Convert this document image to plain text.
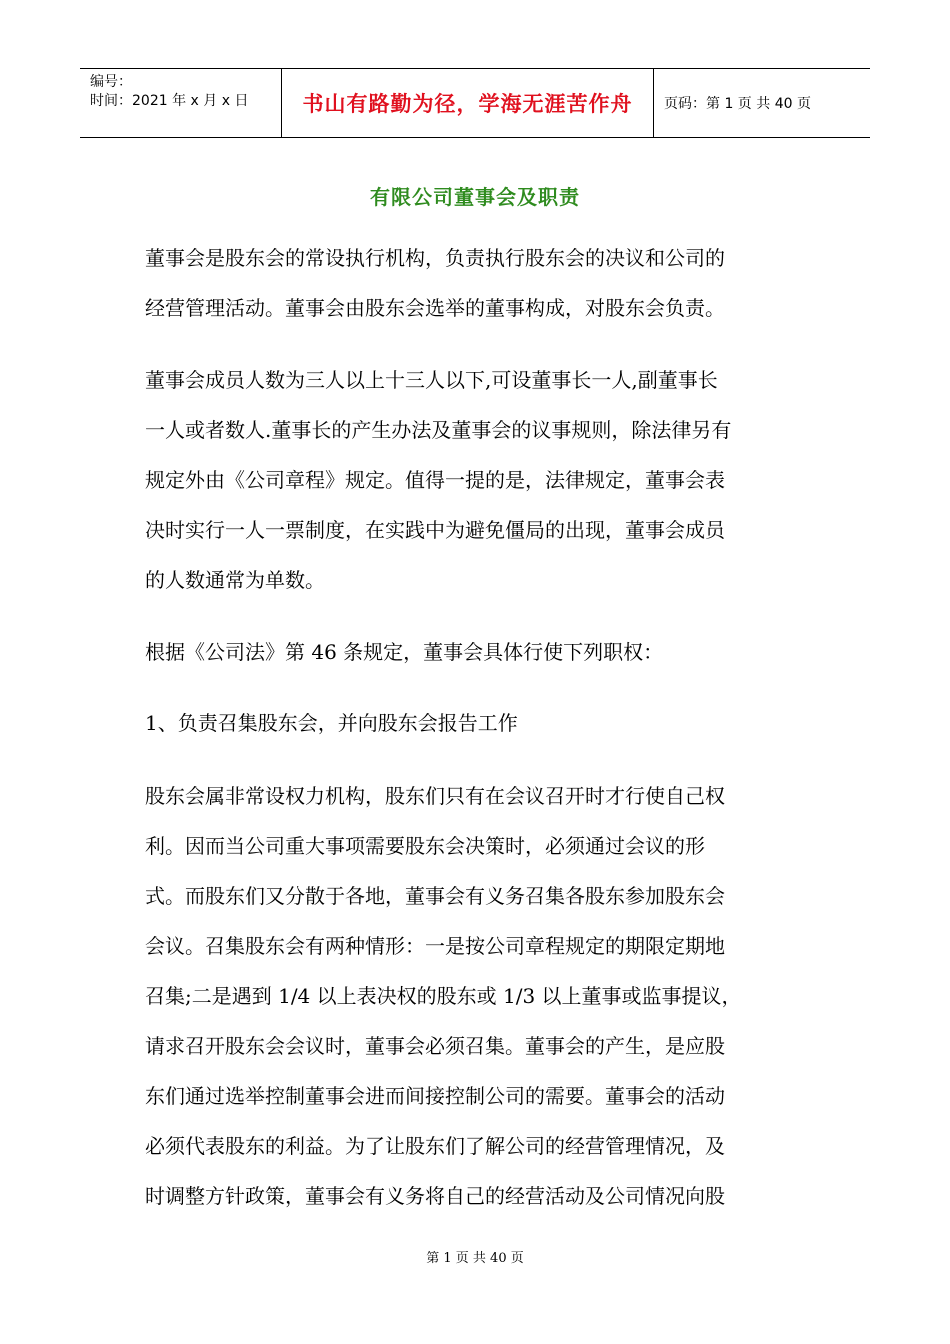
编号：
时间：2021 年 x 月 x 日	书山有路勤为径，学海无涯苦作舟	页码：第 1 页 共 40 页
有限公司董事会及职责
董事会是股东会的常设执行机构，负责执行股东会的决议和公司的
经营管理活动。董事会由股东会选举的董事构成，对股东会负责。
董事会成员人数为三人以上十三人以下,可设董事长一人,副董事长
一人或者数人.董事长的产生办法及董事会的议事规则，除法律另有
规定外由《公司章程》规定。值得一提的是，法律规定，董事会表
决时实行一人一票制度，在实践中为避免僵局的出现，董事会成员
的人数通常为单数。
根据《公司法》第 46 条规定，董事会具体行使下列职权：
1、负责召集股东会，并向股东会报告工作
股东会属非常设权力机构，股东们只有在会议召开时才行使自己权
利。因而当公司重大事项需要股东会决策时，必须通过会议的形
式。而股东们又分散于各地，董事会有义务召集各股东参加股东会
会议。召集股东会有两种情形：一是按公司章程规定的期限定期地
召集;二是遇到 1/4 以上表决权的股东或 1/3 以上董事或监事提议，
请求召开股东会会议时，董事会必须召集。董事会的产生，是应股
东们通过选举控制董事会进而间接控制公司的需要。董事会的活动
必须代表股东的利益。为了让股东们了解公司的经营管理情况，及
时调整方针政策，董事会有义务将自己的经营活动及公司情况向股
第 1 页 共 40 页
